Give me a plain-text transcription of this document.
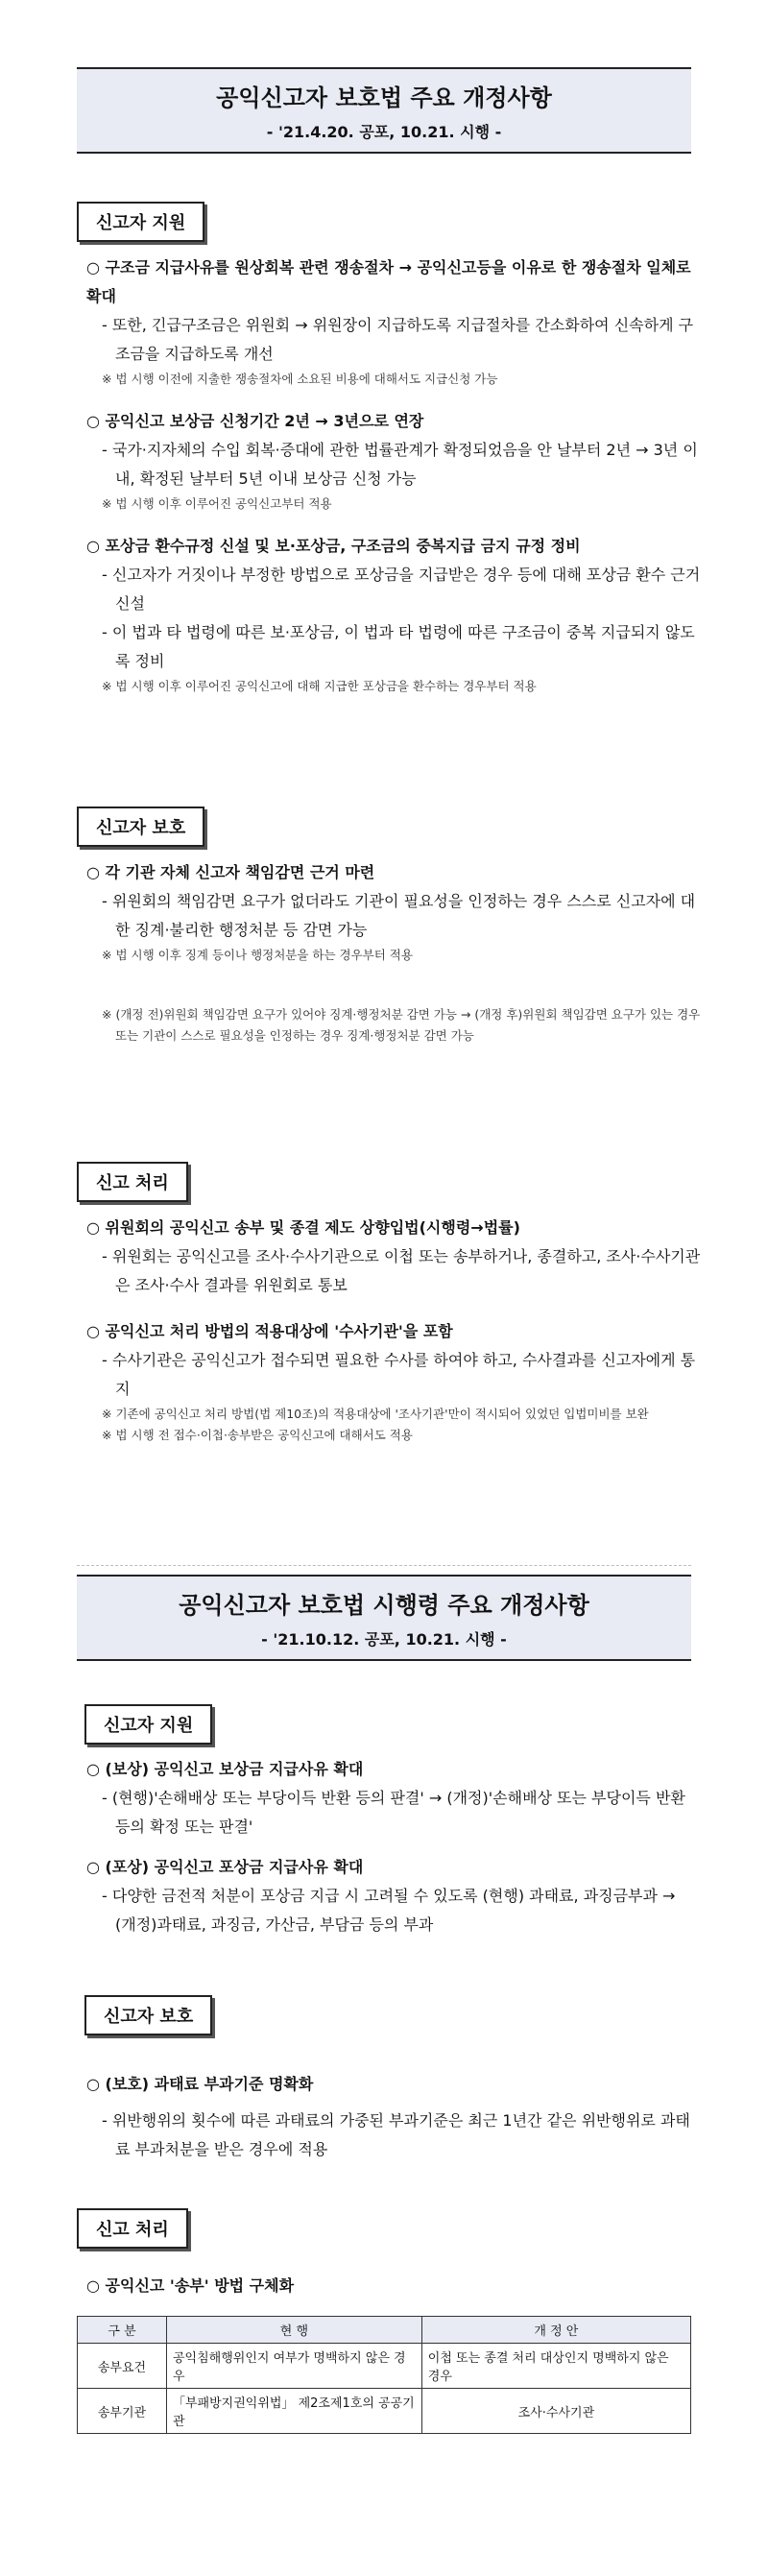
공익신고자 보호법 주요 개정사항
- '21.4.20. 공포, 10.21. 시행 -
신고자 지원
○ 구조금 지급사유를 원상회복 관련 쟁송절차 → 공익신고등을 이유로 한 쟁송절차 일체로 확대
- 또한, 긴급구조금은 위원회 → 위원장이 지급하도록 지급절차를 간소화하여 신속하게 구조금을 지급하도록 개선
※ 법 시행 이전에 지출한 쟁송절차에 소요된 비용에 대해서도 지급신청 가능
○ 공익신고 보상금 신청기간 2년 → 3년으로 연장
- 국가·지자체의 수입 회복·증대에 관한 법률관계가 확정되었음을 안 날부터 2년 → 3년 이내, 확정된 날부터 5년 이내 보상금 신청 가능
※ 법 시행 이후 이루어진 공익신고부터 적용
○ 포상금 환수규정 신설 및 보·포상금, 구조금의 중복지급 금지 규정 정비
- 신고자가 거짓이나 부정한 방법으로 포상금을 지급받은 경우 등에 대해 포상금 환수 근거 신설
- 이 법과 타 법령에 따른 보·포상금, 이 법과 타 법령에 따른 구조금이 중복 지급되지 않도록 정비
※ 법 시행 이후 이루어진 공익신고에 대해 지급한 포상금을 환수하는 경우부터 적용
신고자 보호
○ 각 기관 자체 신고자 책임감면 근거 마련
- 위원회의 책임감면 요구가 없더라도 기관이 필요성을 인정하는 경우 스스로 신고자에 대한 징계·불리한 행정처분 등 감면 가능
※ 법 시행 이후 징계 등이나 행정처분을 하는 경우부터 적용
※ (개정 전)위원회 책임감면 요구가 있어야 징계·행정처분 감면 가능 → (개정 후)위원회 책임감면 요구가 있는 경우 또는 기관이 스스로 필요성을 인정하는 경우 징계·행정처분 감면 가능
신고 처리
○ 위원회의 공익신고 송부 및 종결 제도 상향입법(시행령→법률)
- 위원회는 공익신고를 조사·수사기관으로 이첩 또는 송부하거나, 종결하고, 조사·수사기관은 조사·수사 결과를 위원회로 통보
○ 공익신고 처리 방법의 적용대상에 '수사기관'을 포함
- 수사기관은 공익신고가 접수되면 필요한 수사를 하여야 하고, 수사결과를 신고자에게 통지
※ 기존에 공익신고 처리 방법(법 제10조)의 적용대상에 '조사기관'만이 적시되어 있었던 입법미비를 보완
※ 법 시행 전 접수·이첩·송부받은 공익신고에 대해서도 적용
공익신고자 보호법 시행령 주요 개정사항
- '21.10.12. 공포, 10.21. 시행 -
신고자 지원
○ (보상) 공익신고 보상금 지급사유 확대
- (현행)'손해배상 또는 부당이득 반환 등의 판결' → (개정)'손해배상 또는 부당이득 반환 등의 확정 또는 판결'
○ (포상) 공익신고 포상금 지급사유 확대
- 다양한 금전적 처분이 포상금 지급 시 고려될 수 있도록 (현행) 과태료, 과징금부과 → (개정)과태료, 과징금, 가산금, 부담금 등의 부과
신고자 보호
○ (보호) 과태료 부과기준 명확화
- 위반행위의 횟수에 따른 과태료의 가중된 부과기준은 최근 1년간 같은 위반행위로 과태료 부과처분을 받은 경우에 적용
신고 처리
○ 공익신고 '송부' 방법 구체화
구 분	현 행	개 정 안
송부요건	공익침해행위인지 여부가 명백하지 않은 경우	이첩 또는 종결 처리 대상인지 명백하지 않은 경우
송부기관	「부패방지권익위법」 제2조제1호의 공공기관	조사·수사기관
